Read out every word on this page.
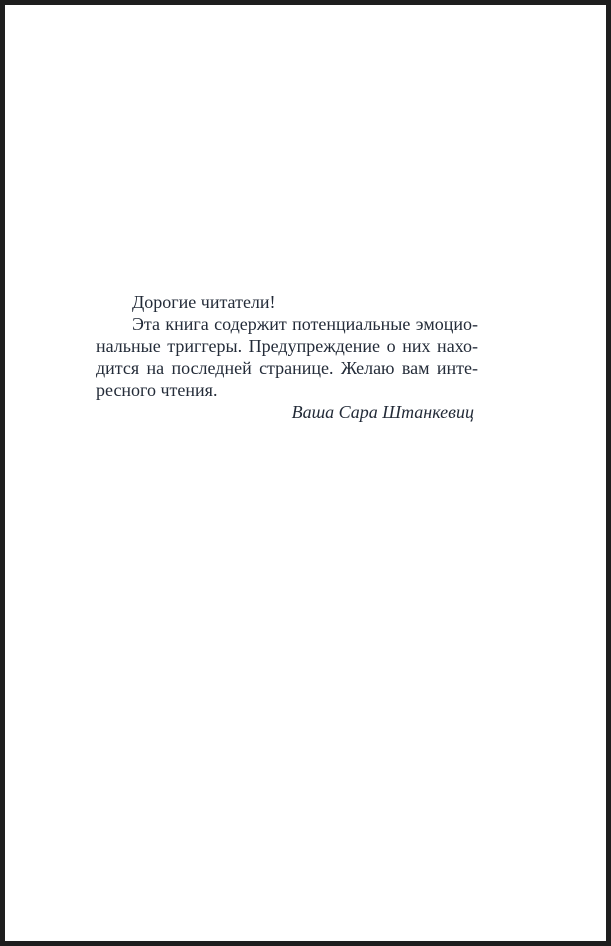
Дорогие читатели!
Эта книга содержит потенциальные эмоцио-
нальные триггеры. Предупреждение о них нахо-
дится на последней странице. Желаю вам инте-
ресного чтения.
Ваша Сара Штанкевиц
